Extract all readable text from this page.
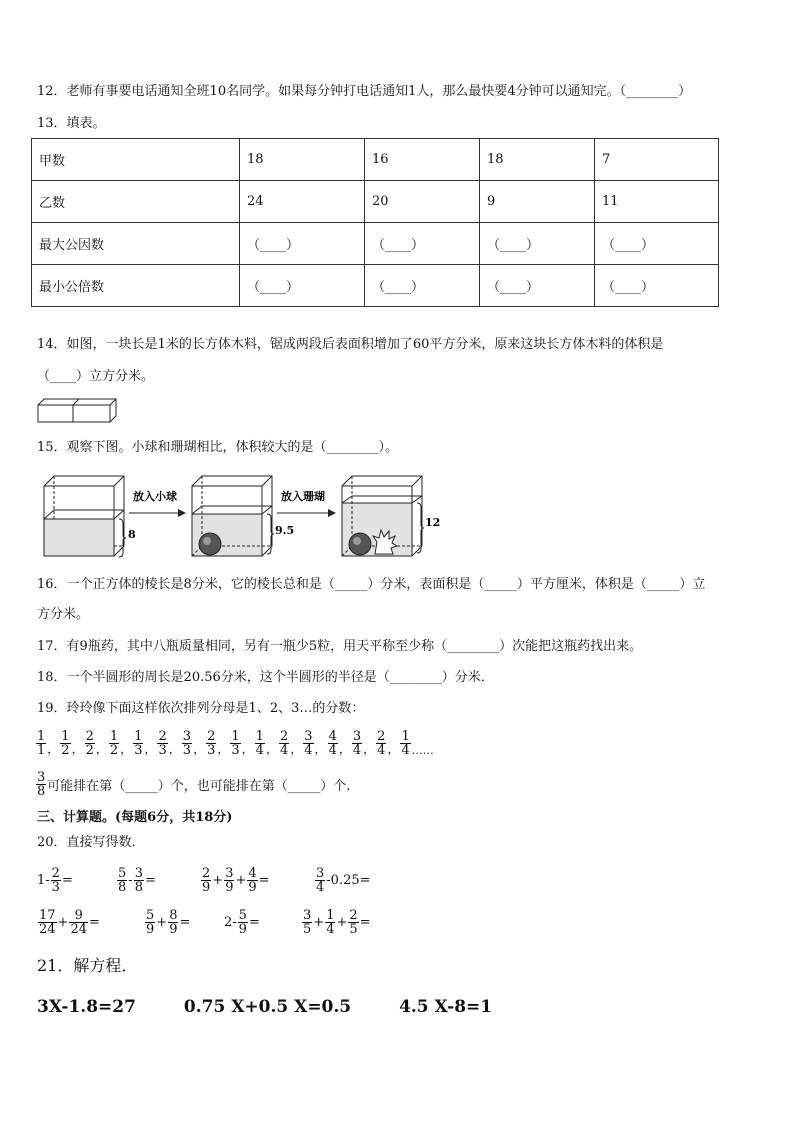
12．老师有事要电话通知全班10名同学。如果每分钟打电话通知1人，那么最快要4分钟可以通知完。（________）
13．填表。
甲数	18	16	18	7
乙数	24	20	9	11
最大公因数	（____）	（____）	（____）	（____）
最小公倍数	（____）	（____）	（____）	（____）
14．如图，一块长是1米的长方体木料，锯成两段后表面积增加了60平方分米，原来这块长方体木料的体积是
（____）立方分米。
15．观察下图。小球和珊瑚相比，体积较大的是（________）。
8
放入小球
9.5
放入珊瑚
12
16．一个正方体的棱长是8分米，它的棱长总和是（_____）分米，表面积是（_____）平方厘米，体积是（_____）立
方分米。
17．有9瓶药，其中八瓶质量相同，另有一瓶少5粒，用天平称至少称（________）次能把这瓶药找出来。
18．一个半圆形的周长是20.56分米，这个半圆形的半径是（________）分米．
19．玲玲像下面这样依次排列分母是1、2、3…的分数：
$\frac{1}{1}$ ， $\frac{1}{2}$ ， $\frac{2}{2}$ ， $\frac{1}{2}$ ， $\frac{1}{3}$ ， $\frac{2}{3}$ ， $\frac{3}{3}$ ， $\frac{2}{3}$ ， $\frac{1}{3}$ ， $\frac{1}{4}$ ， $\frac{2}{4}$ ， $\frac{3}{4}$ ， $\frac{4}{4}$ ， $\frac{3}{4}$ ， $\frac{2}{4}$ ， $\frac{1}{4}$ ……
$\frac{3}{8}$ 可能排在第（_____）个，也可能排在第（_____）个.
三、计算题。(每题6分，共18分)
20．直接写得数．
$1- \frac{2}{3}$ =	$\frac{5}{8} - \frac{3}{8}$ =	$\frac{2}{9} + \frac{3}{9} + \frac{4}{9}$ =	$\frac{3}{4} -0.25=$
$\frac{17}{24} + \frac{9}{24}$ =	$\frac{5}{9} + \frac{8}{9}$ =	$2- \frac{5}{9}$ =	$\frac{3}{5} + \frac{1}{4} + \frac{2}{5}$ =
21．解方程．
3X-1.8=27	0.75 X+0.5 X=0.5	4.5 X-8=1
